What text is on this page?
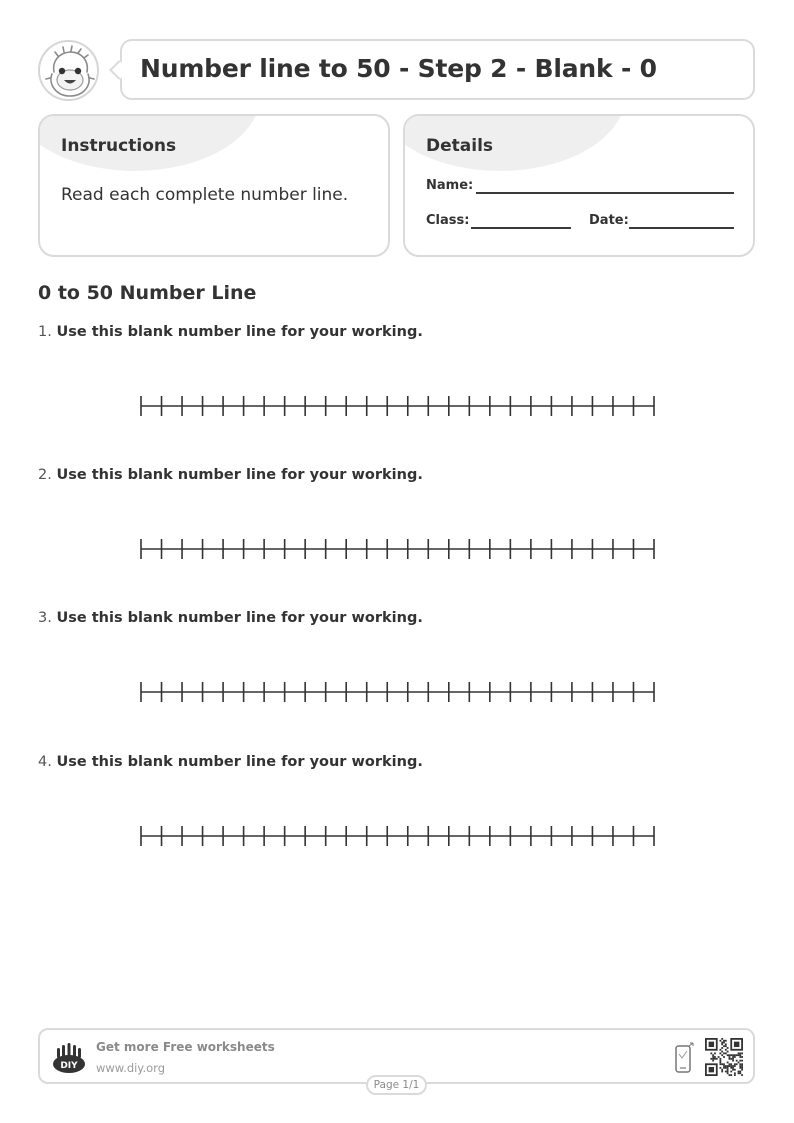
Number line to 50 - Step 2 - Blank - 0
Instructions
Read each complete number line.
Details
Name:
Class:	Date:
0 to 50 Number Line
1. Use this blank number line for your working.
2. Use this blank number line for your working.
3. Use this blank number line for your working.
4. Use this blank number line for your working.
DIY
Get more Free worksheets
www.diy.org
Page 1/1
